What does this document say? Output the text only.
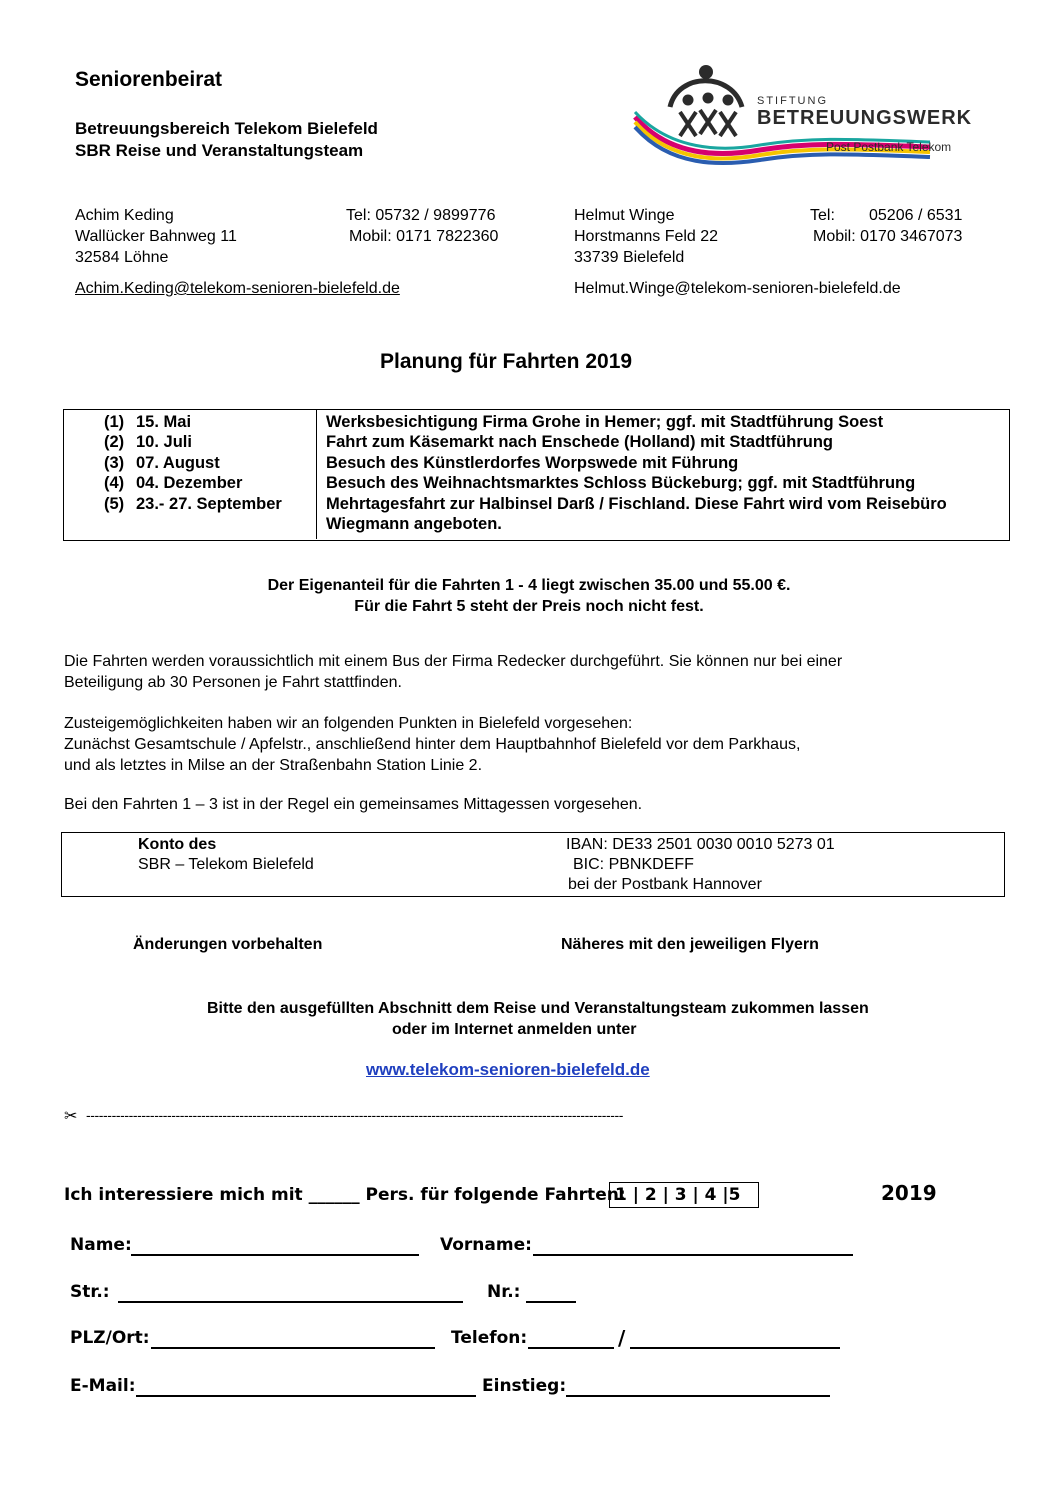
Seniorenbeirat
Betreuungsbereich Telekom Bielefeld
SBR Reise und Veranstaltungsteam
STIFTUNG
BETREUUNGSWERK
Post Postbank Telekom
Achim Keding
Wallücker Bahnweg 11
32584 Löhne
Tel: 05732 / 9899776
Mobil: 0171 7822360
Achim.Keding@telekom-senioren-bielefeld.de
Helmut Winge
Horstmanns Feld 22
33739 Bielefeld
Tel: 05206 / 6531
Mobil: 0170 3467073
Helmut.Winge@telekom-senioren-bielefeld.de
Planung für Fahrten 2019
(1) 15. Mai	Werksbesichtigung Firma Grohe in Hemer; ggf. mit Stadtführung Soest
(2) 10. Juli	Fahrt zum Käsemarkt nach Enschede (Holland) mit Stadtführung
(3) 07. August	Besuch des Künstlerdorfes Worpswede mit Führung
(4) 04. Dezember	Besuch des Weihnachtsmarktes Schloss Bückeburg; ggf. mit Stadtführung
(5) 23.- 27. September	Mehrtagesfahrt zur Halbinsel Darß / Fischland. Diese Fahrt wird vom Reisebüro
Wiegmann angeboten.
Der Eigenanteil für die Fahrten 1 - 4 liegt zwischen 35.00 und 55.00 €.
Für die Fahrt 5 steht der Preis noch nicht fest.
Die Fahrten werden voraussichtlich mit einem Bus der Firma Redecker durchgeführt. Sie können nur bei einer
Beteiligung ab 30 Personen je Fahrt stattfinden.
Zusteigemöglichkeiten haben wir an folgenden Punkten in Bielefeld vorgesehen:
Zunächst Gesamtschule / Apfelstr., anschließend hinter dem Hauptbahnhof Bielefeld vor dem Parkhaus,
und als letztes in Milse an der Straßenbahn Station Linie 2.
Bei den Fahrten 1 – 3 ist in der Regel ein gemeinsames Mittagessen vorgesehen.
Konto des
SBR – Telekom Bielefeld
IBAN: DE33 2501 0030 0010 5273 01
BIC: PBNKDEFF
bei der Postbank Hannover
Änderungen vorbehalten	Näheres mit den jeweiligen Flyern
Bitte den ausgefüllten Abschnitt dem Reise und Veranstaltungsteam zukommen lassen
oder im Internet anmelden unter
www.telekom-senioren-bielefeld.de
✂ ------------------------------------------------------------------------------------------------------------------------------
Ich interessiere mich mit ______ Pers. für folgende Fahrten:
1 | 2 | 3 | 4 |5	2019
Name:	Vorname:
Str.:	Nr.:
PLZ/Ort:	Telefon:	/
E-Mail:	Einstieg:
